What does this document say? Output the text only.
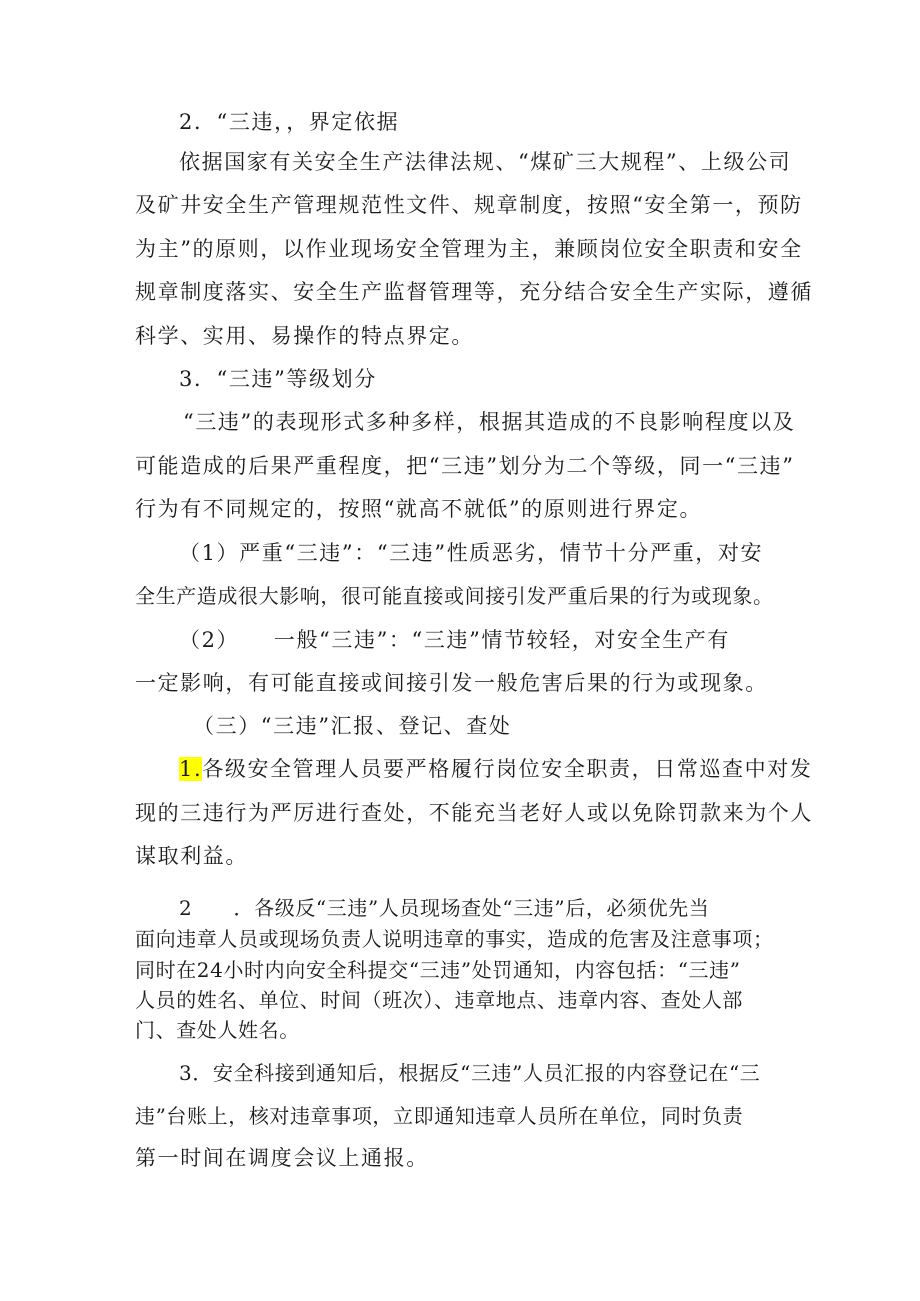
2．“三违，，界定依据
依据国家有关安全生产法律法规、“煤矿三大规程”、上级公司
及矿井安全生产管理规范性文件、规章制度，按照“安全第一，预防
为主”的原则，以作业现场安全管理为主，兼顾岗位安全职责和安全
规章制度落实、安全生产监督管理等，充分结合安全生产实际，遵循
科学、实用、易操作的特点界定。
3．“三违”等级划分
“三违”的表现形式多种多样，根据其造成的不良影响程度以及
可能造成的后果严重程度，把“三违”划分为二个等级，同一“三违”
行为有不同规定的，按照“就高不就低”的原则进行界定。
（1）严重“三违”：“三违”性质恶劣，情节十分严重，对安
全生产造成很大影响，很可能直接或间接引发严重后果的行为或现象。
（2）　　一般“三违”：“三违”情节较轻，对安全生产有
一定影响，有可能直接或间接引发一般危害后果的行为或现象。
（三）“三违”汇报、登记、查处
1.各级安全管理人员要严格履行岗位安全职责，日常巡查中对发
现的三违行为严厉进行查处，不能充当老好人或以免除罚款来为个人
谋取利益。
2　　．各级反“三违”人员现场查处“三违”后，必须优先当
面向违章人员或现场负责人说明违章的事实，造成的危害及注意事项；
同时在24小时内向安全科提交“三违”处罚通知，内容包括：“三违”
人员的姓名、单位、时间（班次）、违章地点、违章内容、查处人部
门、查处人姓名。
3．安全科接到通知后，根据反“三违”人员汇报的内容登记在“三
违”台账上，核对违章事项，立即通知违章人员所在单位，同时负责
第一时间在调度会议上通报。
